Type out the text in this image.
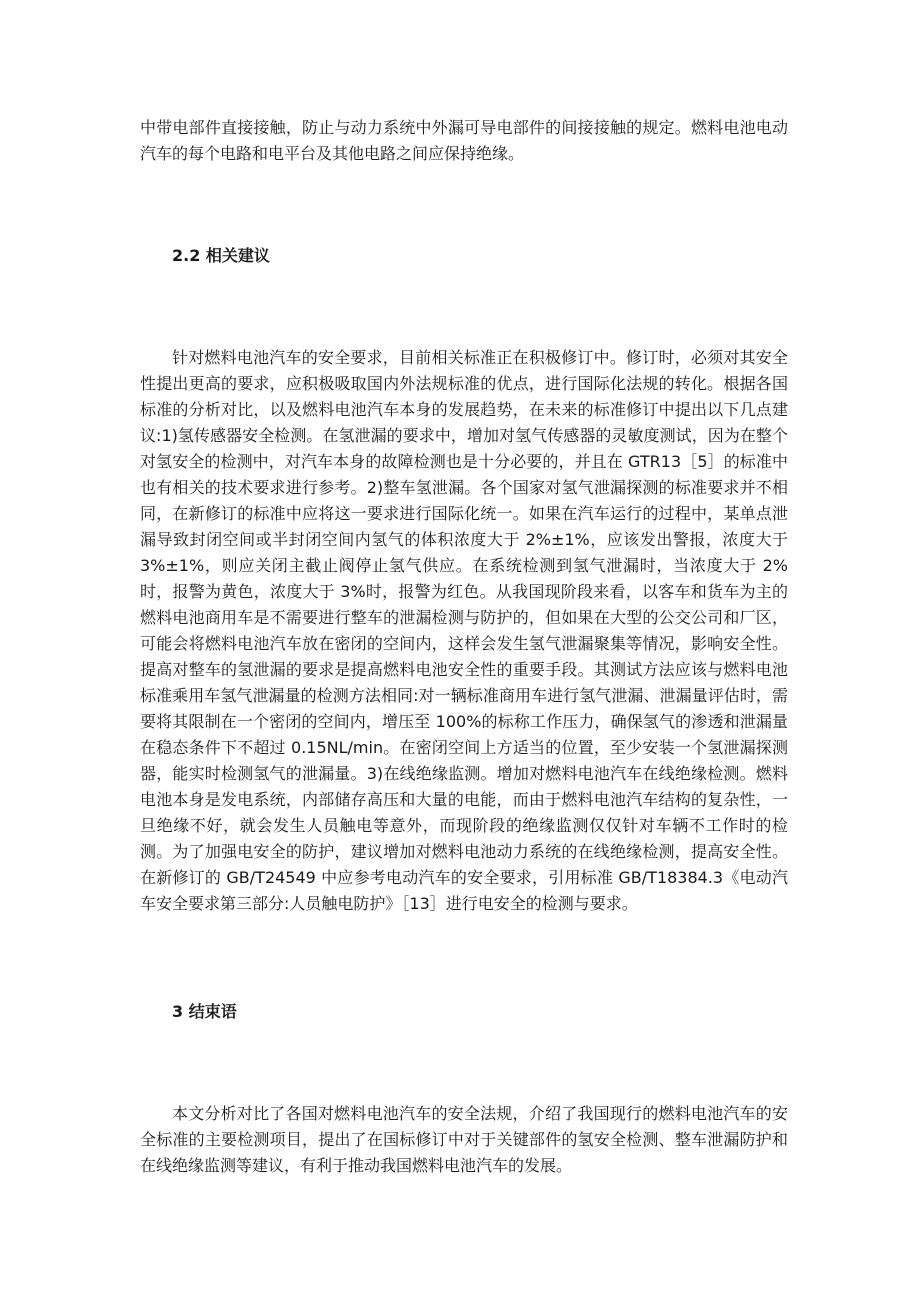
中带电部件直接接触，防止与动力系统中外漏可导电部件的间接接触的规定。燃料电池电动汽车的每个电路和电平台及其他电路之间应保持绝缘。

2.2 相关建议

针对燃料电池汽车的安全要求，目前相关标准正在积极修订中。修订时，必须对其安全性提出更高的要求，应积极吸取国内外法规标准的优点，进行国际化法规的转化。根据各国标准的分析对比，以及燃料电池汽车本身的发展趋势，在未来的标准修订中提出以下几点建议:1)氢传感器安全检测。在氢泄漏的要求中，增加对氢气传感器的灵敏度测试，因为在整个对氢安全的检测中，对汽车本身的故障检测也是十分必要的，并且在 GTR13［5］的标准中也有相关的技术要求进行参考。2)整车氢泄漏。各个国家对氢气泄漏探测的标准要求并不相同，在新修订的标准中应将这一要求进行国际化统一。如果在汽车运行的过程中，某单点泄漏导致封闭空间或半封闭空间内氢气的体积浓度大于 2%±1%，应该发出警报，浓度大于 3%±1%，则应关闭主截止阀停止氢气供应。在系统检测到氢气泄漏时，当浓度大于 2%时，报警为黄色，浓度大于 3%时，报警为红色。从我国现阶段来看，以客车和货车为主的燃料电池商用车是不需要进行整车的泄漏检测与防护的，但如果在大型的公交公司和厂区，可能会将燃料电池汽车放在密闭的空间内，这样会发生氢气泄漏聚集等情况，影响安全性。提高对整车的氢泄漏的要求是提高燃料电池安全性的重要手段。其测试方法应该与燃料电池标准乘用车氢气泄漏量的检测方法相同:对一辆标准商用车进行氢气泄漏、泄漏量评估时，需要将其限制在一个密闭的空间内，增压至 100%的标称工作压力，确保氢气的渗透和泄漏量在稳态条件下不超过 0.15NL/min。在密闭空间上方适当的位置，至少安装一个氢泄漏探测器，能实时检测氢气的泄漏量。3)在线绝缘监测。增加对燃料电池汽车在线绝缘检测。燃料电池本身是发电系统，内部储存高压和大量的电能，而由于燃料电池汽车结构的复杂性，一旦绝缘不好，就会发生人员触电等意外，而现阶段的绝缘监测仅仅针对车辆不工作时的检测。为了加强电安全的防护，建议增加对燃料电池动力系统的在线绝缘检测，提高安全性。在新修订的 GB/T24549 中应参考电动汽车的安全要求，引用标准 GB/T18384.3《电动汽车安全要求第三部分:人员触电防护》［13］进行电安全的检测与要求。

3 结束语

本文分析对比了各国对燃料电池汽车的安全法规，介绍了我国现行的燃料电池汽车的安全标准的主要检测项目，提出了在国标修订中对于关键部件的氢安全检测、整车泄漏防护和在线绝缘监测等建议，有利于推动我国燃料电池汽车的发展。
